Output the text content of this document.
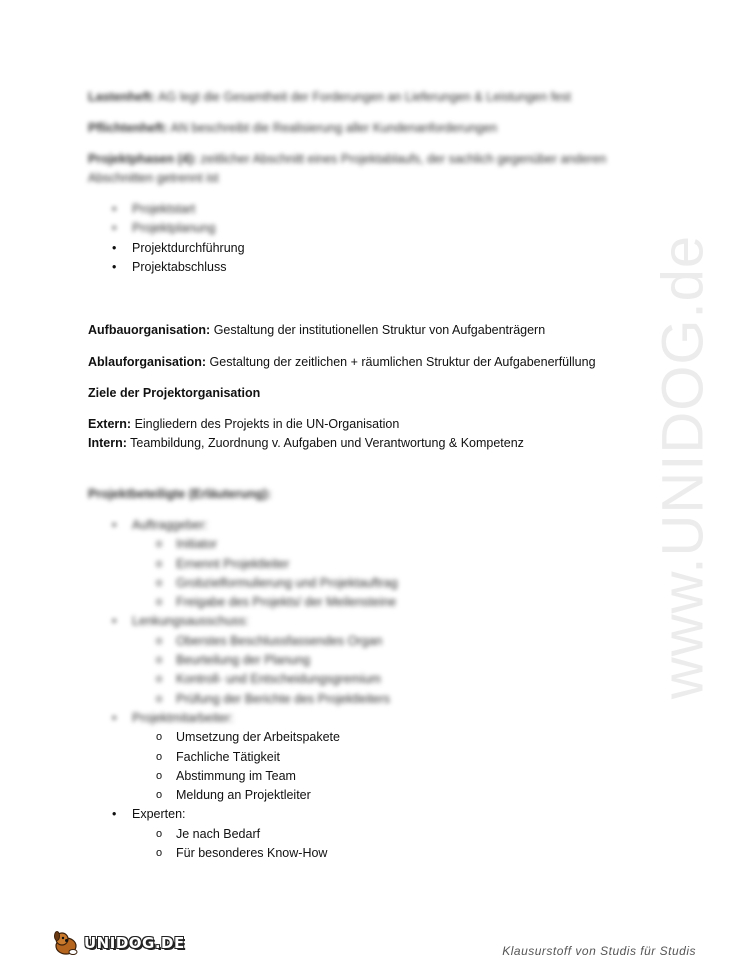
www.UNIDOG.de

Lastenheft: AG legt die Gesamtheit der Forderungen an Lieferungen & Leistungen fest

Pflichtenheft: AN beschreibt die Realisierung aller Kundenanforderungen

Projektphasen (4): zeitlicher Abschnitt eines Projektablaufs, der sachlich gegenüber anderen Abschnitten getrennt ist

• Projektstart
• Projektplanung
• Projektdurchführung
• Projektabschluss

Aufbauorganisation: Gestaltung der institutionellen Struktur von Aufgabenträgern

Ablauforganisation: Gestaltung der zeitlichen + räumlichen Struktur der Aufgabenerfüllung

Ziele der Projektorganisation

Extern: Eingliedern des Projekts in die UN-Organisation

Intern: Teambildung, Zuordnung v. Aufgaben und Verantwortung & Kompetenz

Projektbeteiligte (Erläuterung):

• Auftraggeber:
o Initiator
o Ernennt Projektleiter
o Grobzielformulierung und Projektauftrag
o Freigabe des Projekts/ der Meilensteine
• Lenkungsausschuss:
o Oberstes Beschlussfassendes Organ
o Beurteilung der Planung
o Kontroll- und Entscheidungsgremium
o Prüfung der Berichte des Projektleiters
• Projektmitarbeiter:
o Umsetzung der Arbeitspakete
o Fachliche Tätigkeit
o Abstimmung im Team
o Meldung an Projektleiter
• Experten:
o Je nach Bedarf
o Für besonderes Know-How
UNIDOG.DE	Klausurstoff von Studis für Studis
